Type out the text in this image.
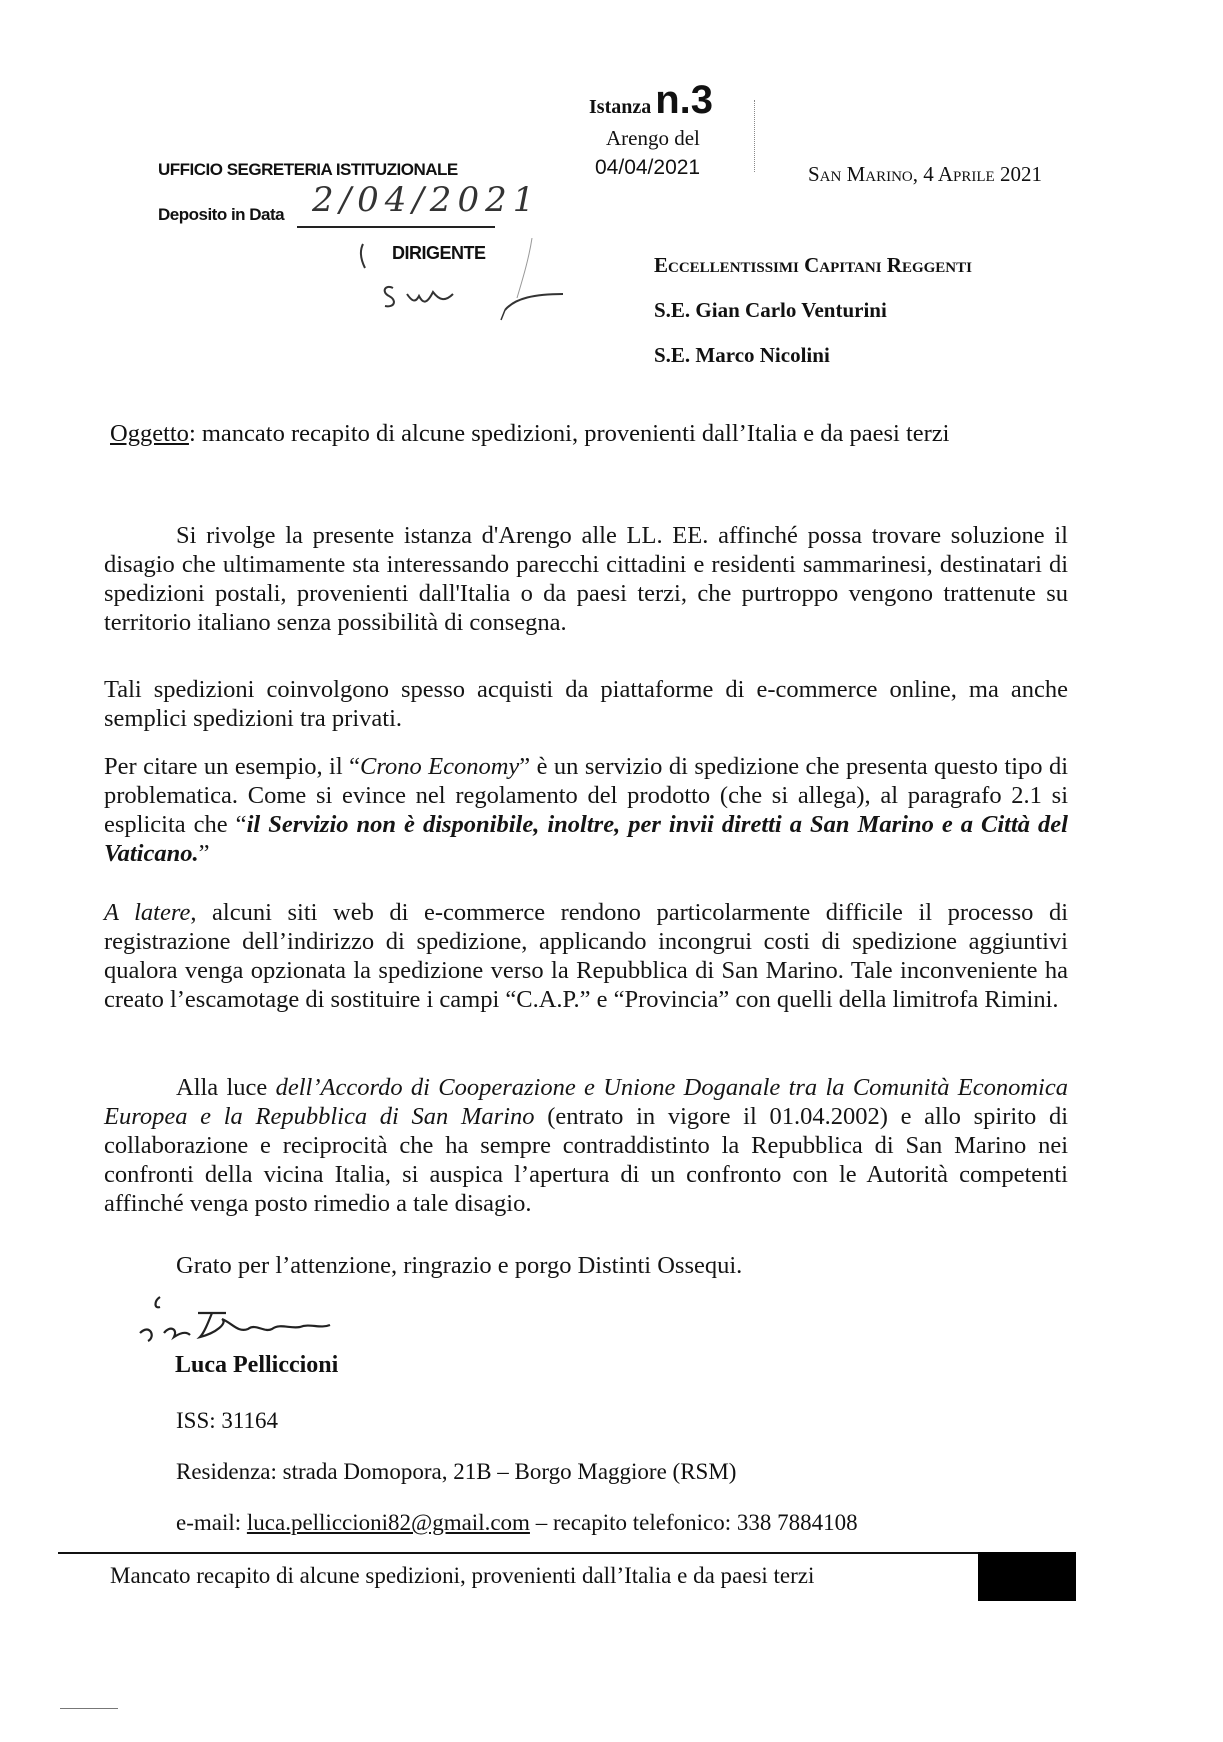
Istanza n.3
Arengo del
04/04/2021	San Marino, 4 Aprile 2021
UFFICIO SEGRETERIA ISTITUZIONALE
Deposito in Data 2/04/2021
DIRIGENTE	Eccellentissimi Capitani Reggenti
S.E. Gian Carlo Venturini
S.E. Marco Nicolini
Oggetto: mancato recapito di alcune spedizioni, provenienti dall’Italia e da paesi terzi

Si rivolge la presente istanza d'Arengo alle LL. EE. affinché possa trovare soluzione il disagio che ultimamente sta interessando parecchi cittadini e residenti sammarinesi, destinatari di spedizioni postali, provenienti dall'Italia o da paesi terzi, che purtroppo vengono trattenute su territorio italiano senza possibilità di consegna.

Tali spedizioni coinvolgono spesso acquisti da piattaforme di e-commerce online, ma anche semplici spedizioni tra privati.

Per citare un esempio, il “Crono Economy” è un servizio di spedizione che presenta questo tipo di problematica. Come si evince nel regolamento del prodotto (che si allega), al paragrafo 2.1 si esplicita che “il Servizio non è disponibile, inoltre, per invii diretti a San Marino e a Città del Vaticano.”

A latere, alcuni siti web di e-commerce rendono particolarmente difficile il processo di registrazione dell’indirizzo di spedizione, applicando incongrui costi di spedizione aggiuntivi qualora venga opzionata la spedizione verso la Repubblica di San Marino. Tale inconveniente ha creato l’escamotage di sostituire i campi “C.A.P.” e “Provincia” con quelli della limitrofa Rimini.

Alla luce dell’Accordo di Cooperazione e Unione Doganale tra la Comunità Economica Europea e la Repubblica di San Marino (entrato in vigore il 01.04.2002) e allo spirito di collaborazione e reciprocità che ha sempre contraddistinto la Repubblica di San Marino nei confronti della vicina Italia, si auspica l’apertura di un confronto con le Autorità competenti affinché venga posto rimedio a tale disagio.

Grato per l’attenzione, ringrazio e porgo Distinti Ossequi.
Luca Pelliccioni
ISS: 31164
Residenza: strada Domopora, 21B – Borgo Maggiore (RSM)
e-mail: luca.pelliccioni82@gmail.com – recapito telefonico: 338 7884108
Mancato recapito di alcune spedizioni, provenienti dall’Italia e da paesi terzi
